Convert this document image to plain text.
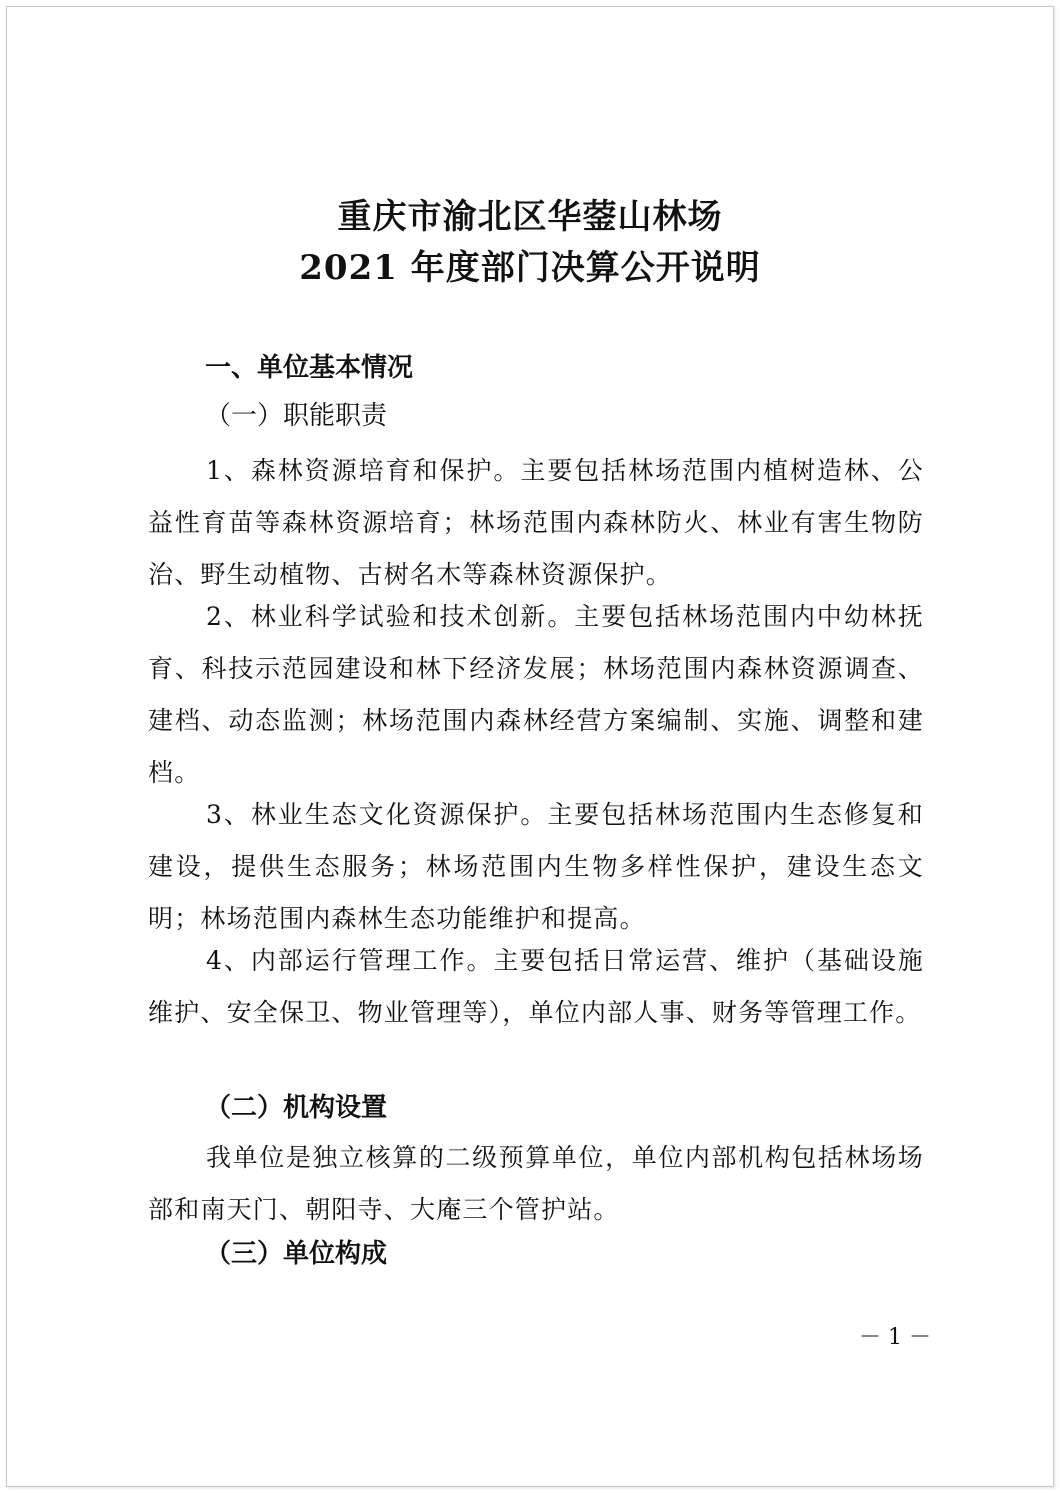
重庆市渝北区华蓥山林场
2021 年度部门决算公开说明
一、单位基本情况
（一）职能职责
1、森林资源培育和保护。主要包括林场范围内植树造林、公益性育苗等森林资源培育；林场范围内森林防火、林业有害生物防治、野生动植物、古树名木等森林资源保护。
2、林业科学试验和技术创新。主要包括林场范围内中幼林抚育、科技示范园建设和林下经济发展；林场范围内森林资源调查、建档、动态监测；林场范围内森林经营方案编制、实施、调整和建档。
3、林业生态文化资源保护。主要包括林场范围内生态修复和建设，提供生态服务；林场范围内生物多样性保护，建设生态文明；林场范围内森林生态功能维护和提高。
4、内部运行管理工作。主要包括日常运营、维护（基础设施维护、安全保卫、物业管理等），单位内部人事、财务等管理工作。
（二）机构设置
我单位是独立核算的二级预算单位，单位内部机构包括林场场部和南天门、朝阳寺、大庵三个管护站。
（三）单位构成
－ 1 －
